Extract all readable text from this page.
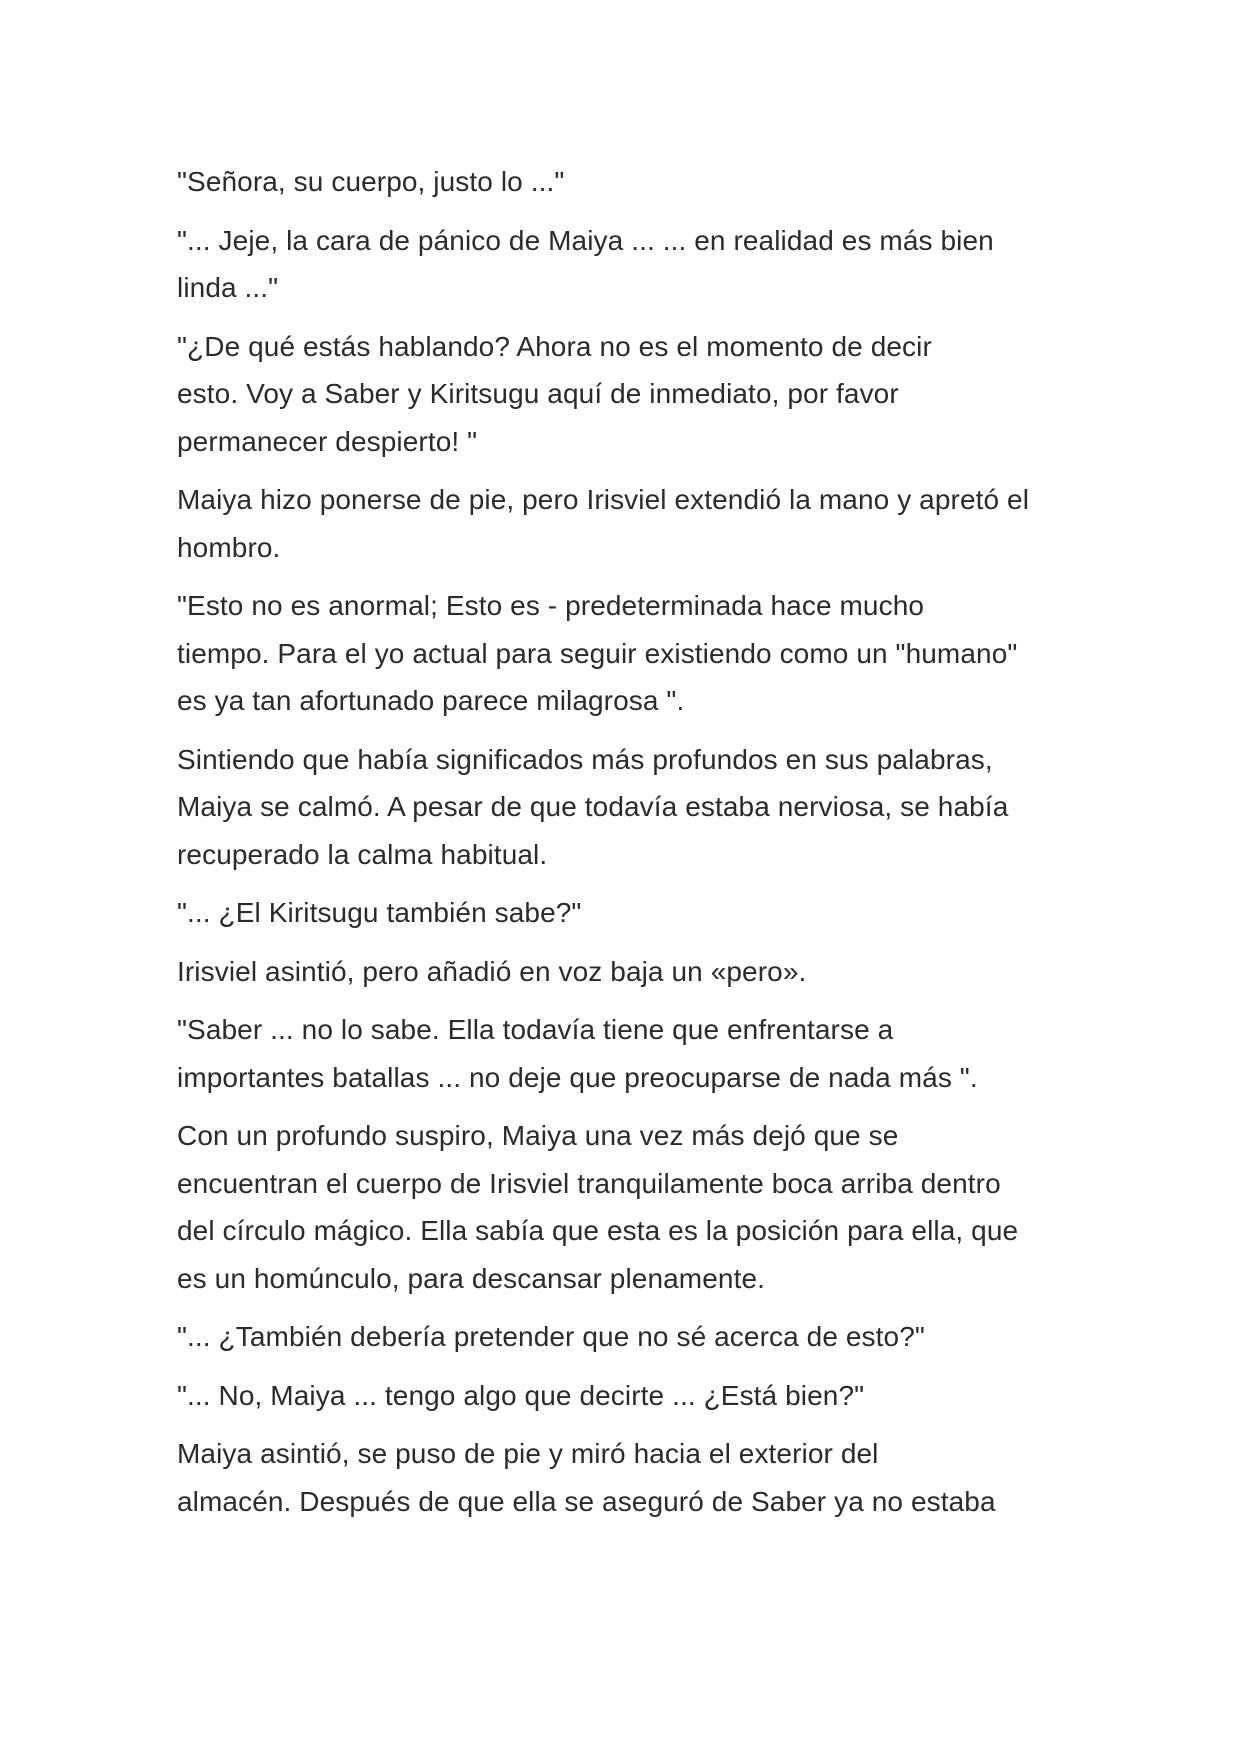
"Señora, su cuerpo, justo lo ..."

"... Jeje, la cara de pánico de Maiya ... ... en realidad es más bien
linda ..."

"¿De qué estás hablando? Ahora no es el momento de decir
esto. Voy a Saber y Kiritsugu aquí de inmediato, por favor
permanecer despierto! "

Maiya hizo ponerse de pie, pero Irisviel extendió la mano y apretó el
hombro.

"Esto no es anormal; Esto es - predeterminada hace mucho
tiempo. Para el yo actual para seguir existiendo como un "humano"
es ya tan afortunado parece milagrosa ".

Sintiendo que había significados más profundos en sus palabras,
Maiya se calmó. A pesar de que todavía estaba nerviosa, se había
recuperado la calma habitual.

"... ¿El Kiritsugu también sabe?"

Irisviel asintió, pero añadió en voz baja un «pero».

"Saber ... no lo sabe. Ella todavía tiene que enfrentarse a
importantes batallas ... no deje que preocuparse de nada más ".

Con un profundo suspiro, Maiya una vez más dejó que se
encuentran el cuerpo de Irisviel tranquilamente boca arriba dentro
del círculo mágico. Ella sabía que esta es la posición para ella, que
es un homúnculo, para descansar plenamente.

"... ¿También debería pretender que no sé acerca de esto?"

"... No, Maiya ... tengo algo que decirte ... ¿Está bien?"

Maiya asintió, se puso de pie y miró hacia el exterior del
almacén. Después de que ella se aseguró de Saber ya no estaba
